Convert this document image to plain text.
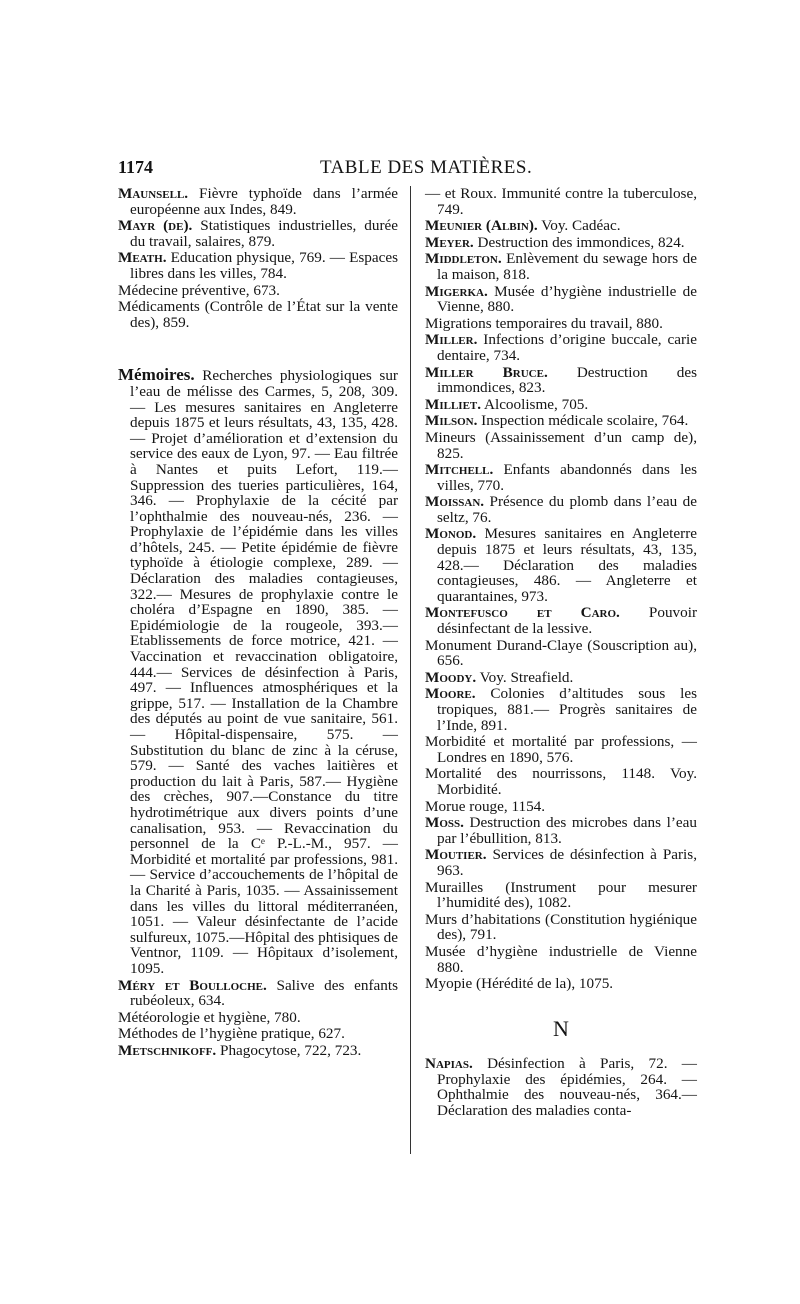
1174	TABLE DES MATIÈRES.

Maunsell. Fièvre typhoïde dans l’armée européenne aux Indes, 849.

Mayr (de). Statistiques industrielles, durée du travail, salaires, 879.

Meath. Education physique, 769. — Espaces libres dans les villes, 784.

Médecine préventive, 673.

Médicaments (Contrôle de l’État sur la vente des), 859.

Mémoires. Recherches physiologiques sur l’eau de mélisse des Carmes, 5, 208, 309. — Les mesures sanitaires en Angleterre depuis 1875 et leurs résultats, 43, 135, 428. — Projet d’amélioration et d’extension du service des eaux de Lyon, 97. — Eau filtrée à Nantes et puits Lefort, 119.— Suppression des tueries particulières, 164, 346. — Prophylaxie de la cécité par l’ophthalmie des nouveau-nés, 236. — Prophylaxie de l’épidémie dans les villes d’hôtels, 245. — Petite épidémie de fièvre typhoïde à étiologie complexe, 289. — Déclaration des maladies contagieuses, 322.— Mesures de prophylaxie contre le choléra d’Espagne en 1890, 385. — Epidémiologie de la rougeole, 393.— Etablissements de force motrice, 421. — Vaccination et revaccination obligatoire, 444.— Services de désinfection à Paris, 497. — Influences atmosphériques et la grippe, 517. — Installation de la Chambre des députés au point de vue sanitaire, 561. — Hôpital-dispensaire, 575. — Substitution du blanc de zinc à la céruse, 579. — Santé des vaches laitières et production du lait à Paris, 587.— Hygiène des crèches, 907.—Constance du titre hydrotimétrique aux divers points d’une canalisation, 953. — Revaccination du personnel de la Cᵉ P.-L.-M., 957. — Morbidité et mortalité par professions, 981. — Service d’accouchements de l’hôpital de la Charité à Paris, 1035. — Assainissement dans les villes du littoral méditerranéen, 1051. — Valeur désinfectante de l’acide sulfureux, 1075.—Hôpital des phtisiques de Ventnor, 1109. — Hôpitaux d’isolement, 1095.

Méry et Boulloche. Salive des enfants rubéoleux, 634.

Météorologie et hygiène, 780.

Méthodes de l’hygiène pratique, 627.

Metschnikoff. Phagocytose, 722, 723.

— et Roux. Immunité contre la tuberculose, 749.

Meunier (Albin). Voy. Cadéac.

Meyer. Destruction des immondices, 824.

Middleton. Enlèvement du sewage hors de la maison, 818.

Migerka. Musée d’hygiène industrielle de Vienne, 880.

Migrations temporaires du travail, 880.

Miller. Infections d’origine buccale, carie dentaire, 734.

Miller Bruce. Destruction des immondices, 823.

Milliet. Alcoolisme, 705.

Milson. Inspection médicale scolaire, 764.

Mineurs (Assainissement d’un camp de), 825.

Mitchell. Enfants abandonnés dans les villes, 770.

Moissan. Présence du plomb dans l’eau de seltz, 76.

Monod. Mesures sanitaires en Angleterre depuis 1875 et leurs résultats, 43, 135, 428.— Déclaration des maladies contagieuses, 486. — Angleterre et quarantaines, 973.

Montefusco et Caro. Pouvoir désinfectant de la lessive.

Monument Durand-Claye (Souscription au), 656.

Moody. Voy. Streafield.

Moore. Colonies d’altitudes sous les tropiques, 881.— Progrès sanitaires de l’Inde, 891.

Morbidité et mortalité par professions, — Londres en 1890, 576.

Mortalité des nourrissons, 1148. Voy. Morbidité.

Morue rouge, 1154.

Moss. Destruction des microbes dans l’eau par l’ébullition, 813.

Moutier. Services de désinfection à Paris, 963.

Murailles (Instrument pour mesurer l’humidité des), 1082.

Murs d’habitations (Constitution hygiénique des), 791.

Musée d’hygiène industrielle de Vienne 880.

Myopie (Hérédité de la), 1075.

N

Napias. Désinfection à Paris, 72. — Prophylaxie des épidémies, 264. — Ophthalmie des nouveau-nés, 364.— Déclaration des maladies conta-
